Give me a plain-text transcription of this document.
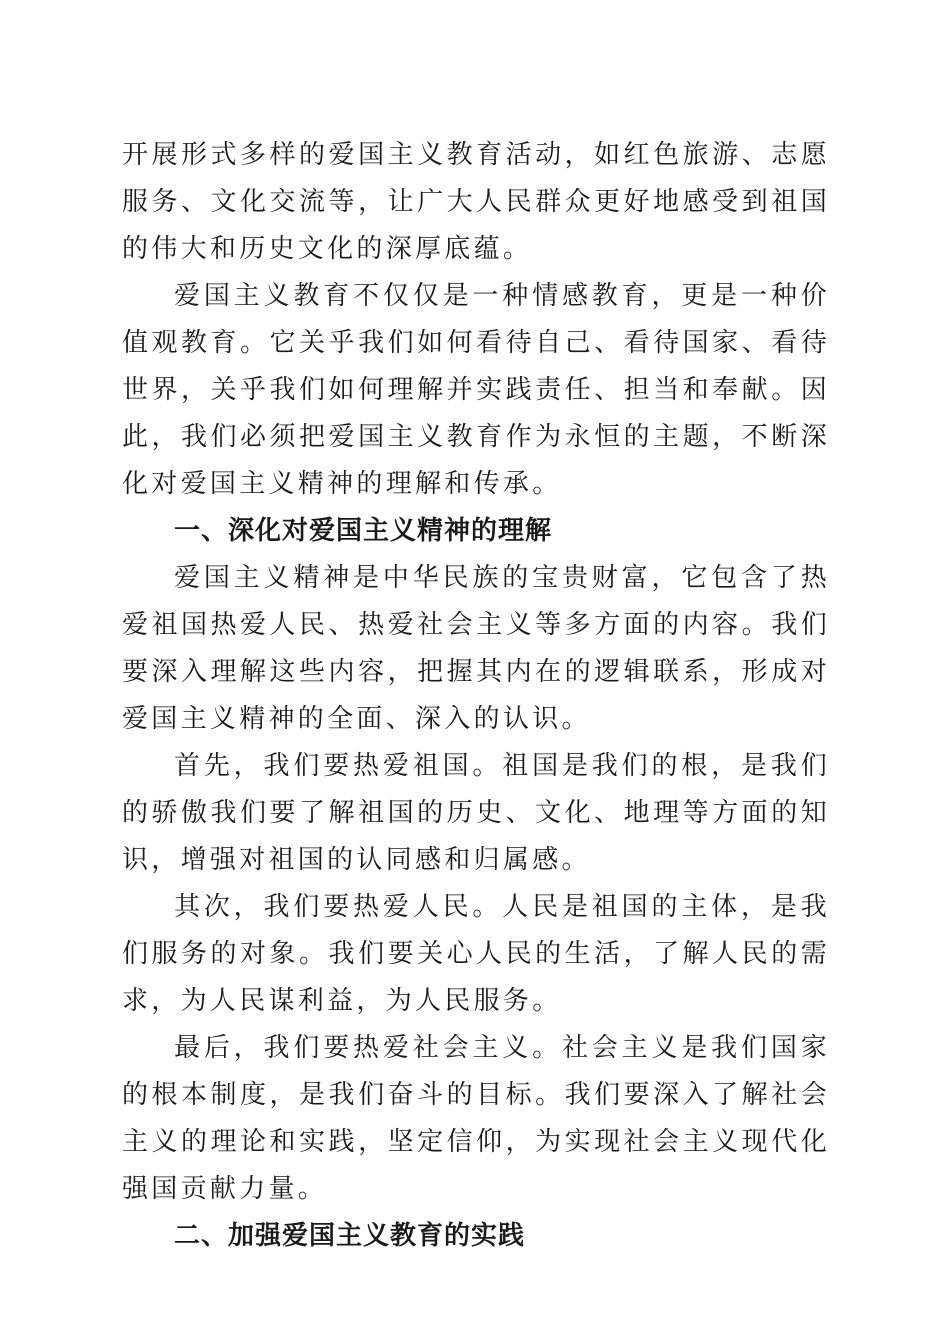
开展形式多样的爱国主义教育活动，如红色旅游、志愿服务、文化交流等，让广大人民群众更好地感受到祖国的伟大和历史文化的深厚底蕴。

爱国主义教育不仅仅是一种情感教育，更是一种价值观教育。它关乎我们如何看待自己、看待国家、看待世界，关乎我们如何理解并实践责任、担当和奉献。因此，我们必须把爱国主义教育作为永恒的主题，不断深化对爱国主义精神的理解和传承。

一、深化对爱国主义精神的理解

爱国主义精神是中华民族的宝贵财富，它包含了热爱祖国热爱人民、热爱社会主义等多方面的内容。我们要深入理解这些内容，把握其内在的逻辑联系，形成对爱国主义精神的全面、深入的认识。

首先，我们要热爱祖国。祖国是我们的根，是我们的骄傲我们要了解祖国的历史、文化、地理等方面的知识，增强对祖国的认同感和归属感。

其次，我们要热爱人民。人民是祖国的主体，是我们服务的对象。我们要关心人民的生活，了解人民的需求，为人民谋利益，为人民服务。

最后，我们要热爱社会主义。社会主义是我们国家的根本制度，是我们奋斗的目标。我们要深入了解社会主义的理论和实践，坚定信仰，为实现社会主义现代化强国贡献力量。

二、加强爱国主义教育的实践
